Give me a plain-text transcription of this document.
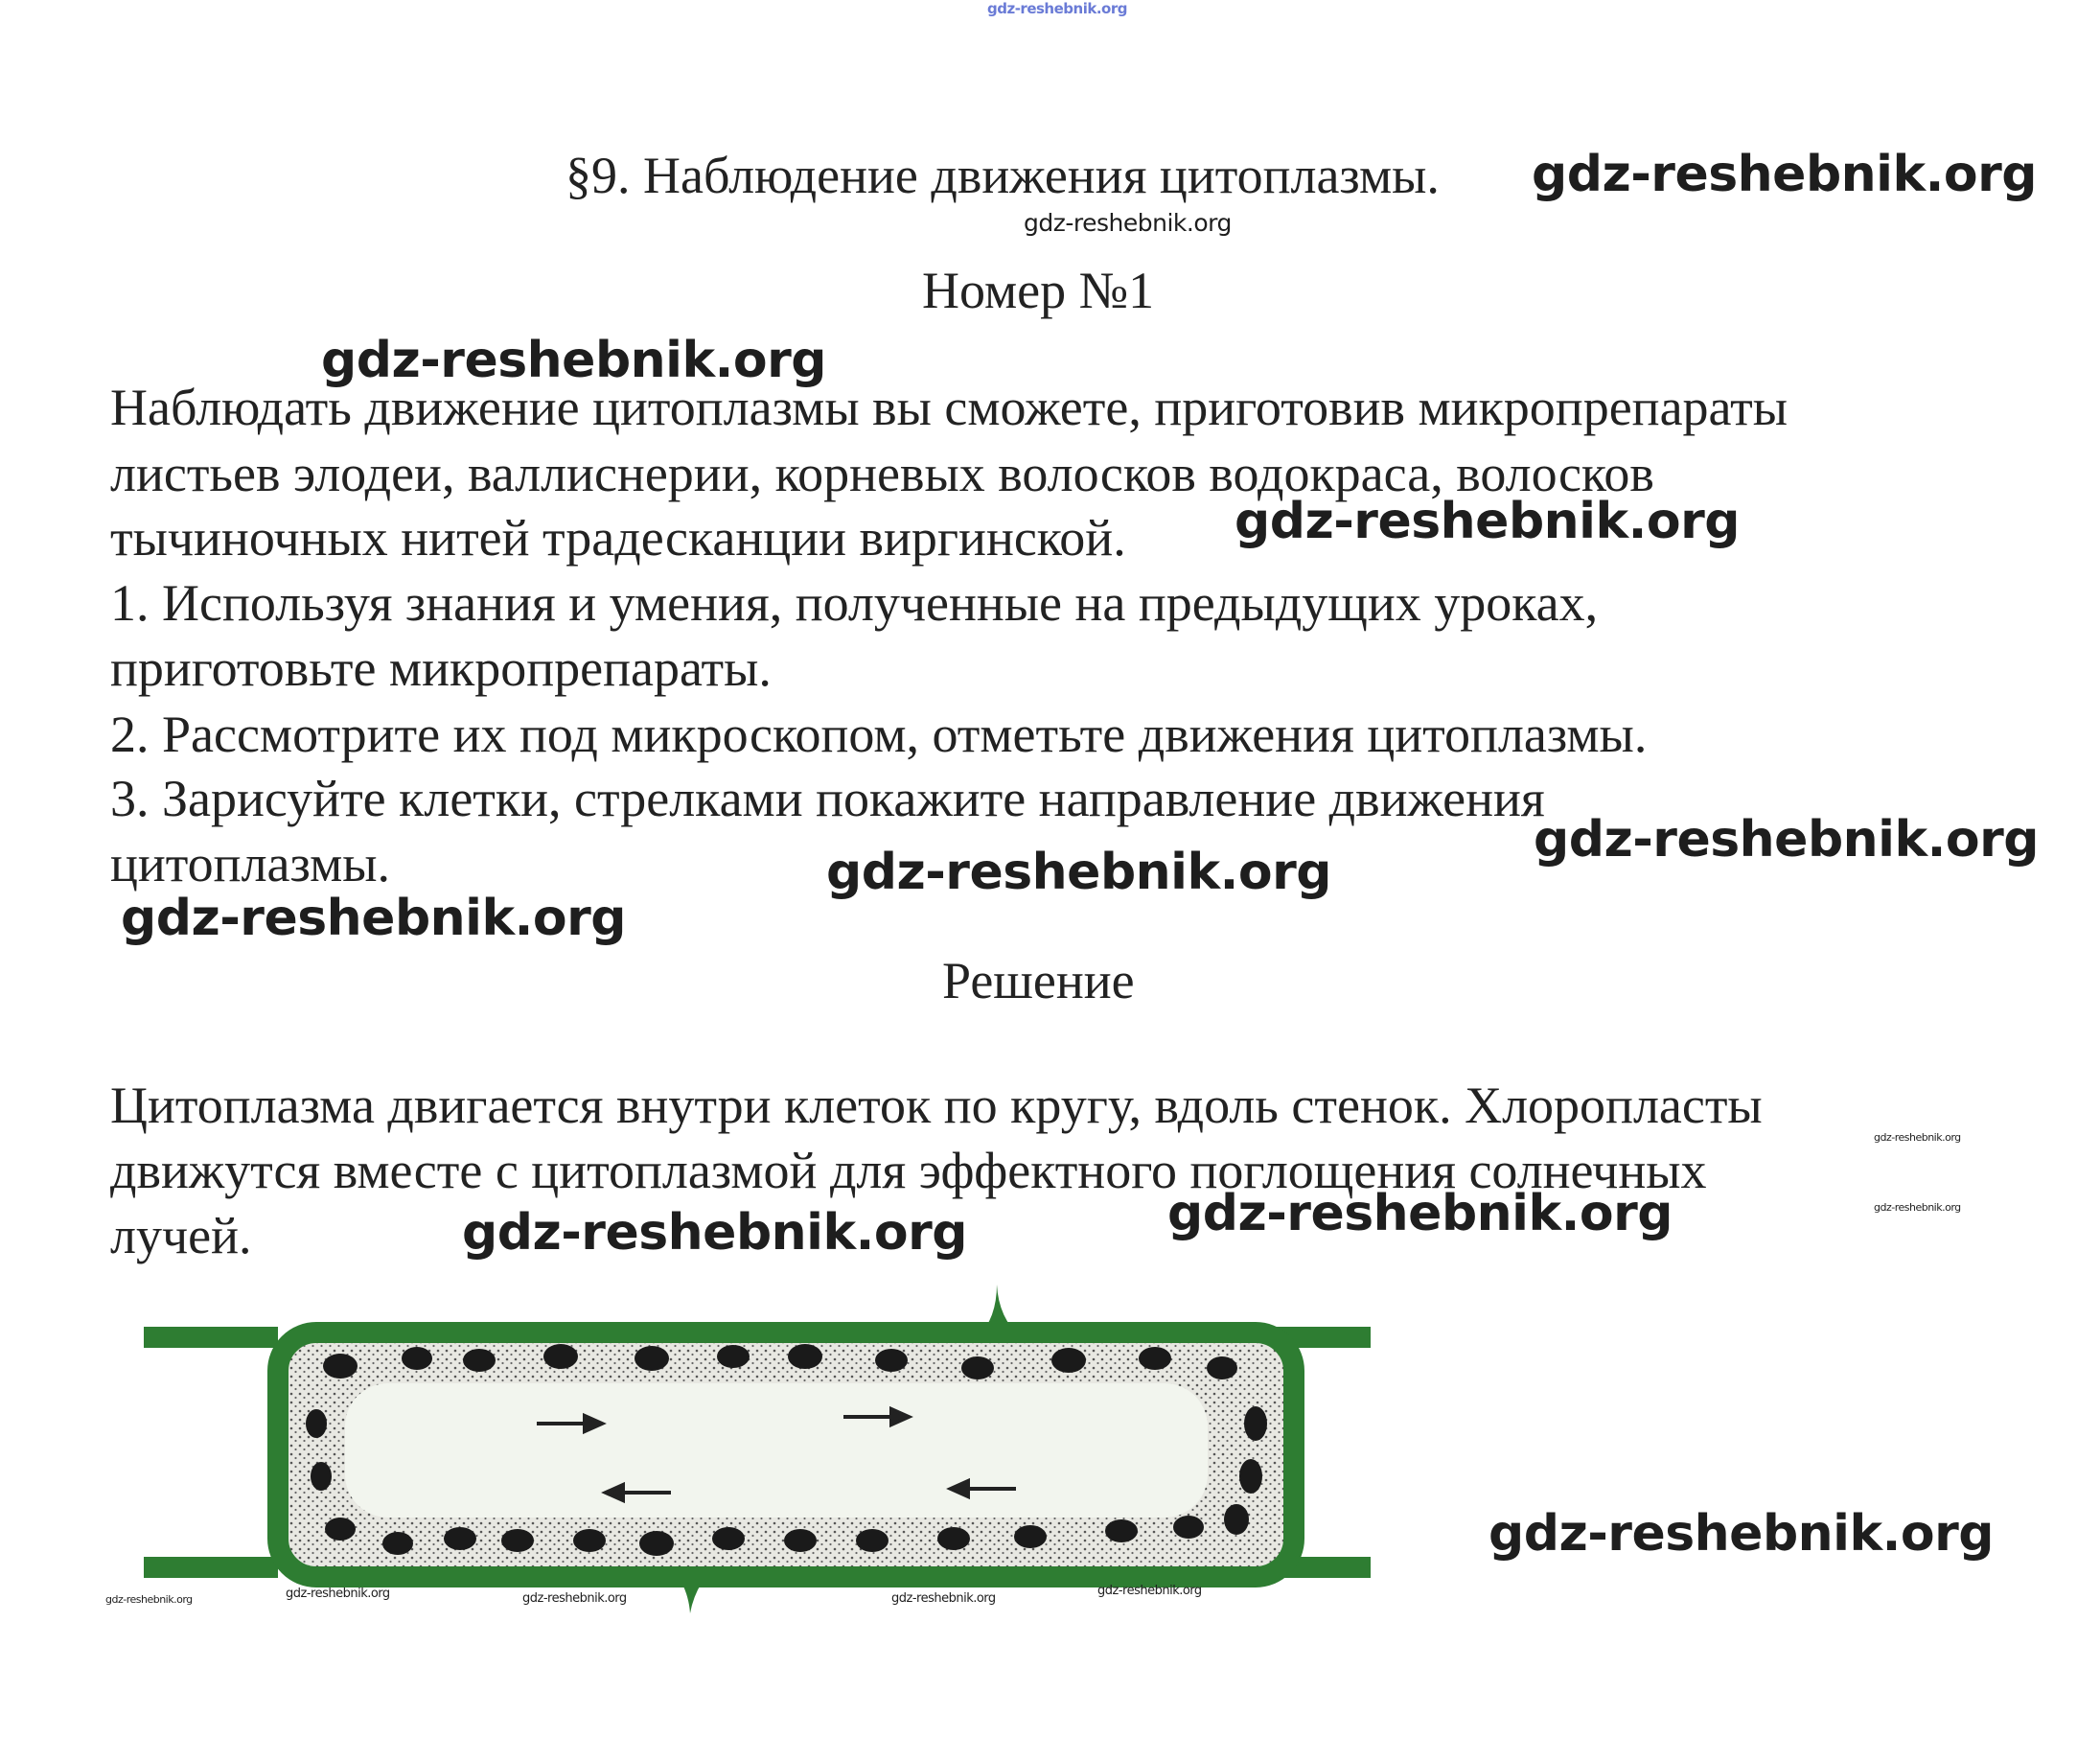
gdz-reshebnik.org
§9. Наблюдение движения цитоплазмы. gdz-reshebnik.org
gdz-reshebnik.org
Номер №1
gdz-reshebnik.org
Наблюдать движение цитоплазмы вы сможете, приготовив микропрепараты
листьев элодеи, валлиснерии, корневых волосков водокраса, волосков
тычиночных нитей традесканции виргинской. gdz-reshebnik.org
1. Используя знания и умения, полученные на предыдущих уроках,
приготовьте микропрепараты.
2. Рассмотрите их под микроскопом, отметьте движения цитоплазмы.
3. Зарисуйте клетки, стрелками покажите направление движения
цитоплазмы.	gdz-reshebnik.org
gdz-reshebnik.org
gdz-reshebnik.org
Решение
Цитоплазма двигается внутри клеток по кругу, вдоль стенок. Хлоропласты
gdz-reshebnik.org
движутся вместе с цитоплазмой для эффектного поглощения солнечных
gdz-reshebnik.org
gdz-reshebnik.org
лучей.	gdz-reshebnik.org
gdz-reshebnik.org	gdz-reshebnik.org	gdz-reshebnik.org	gdz-reshebnik.org
gdz-reshebnik.org
gdz-reshebnik.org
